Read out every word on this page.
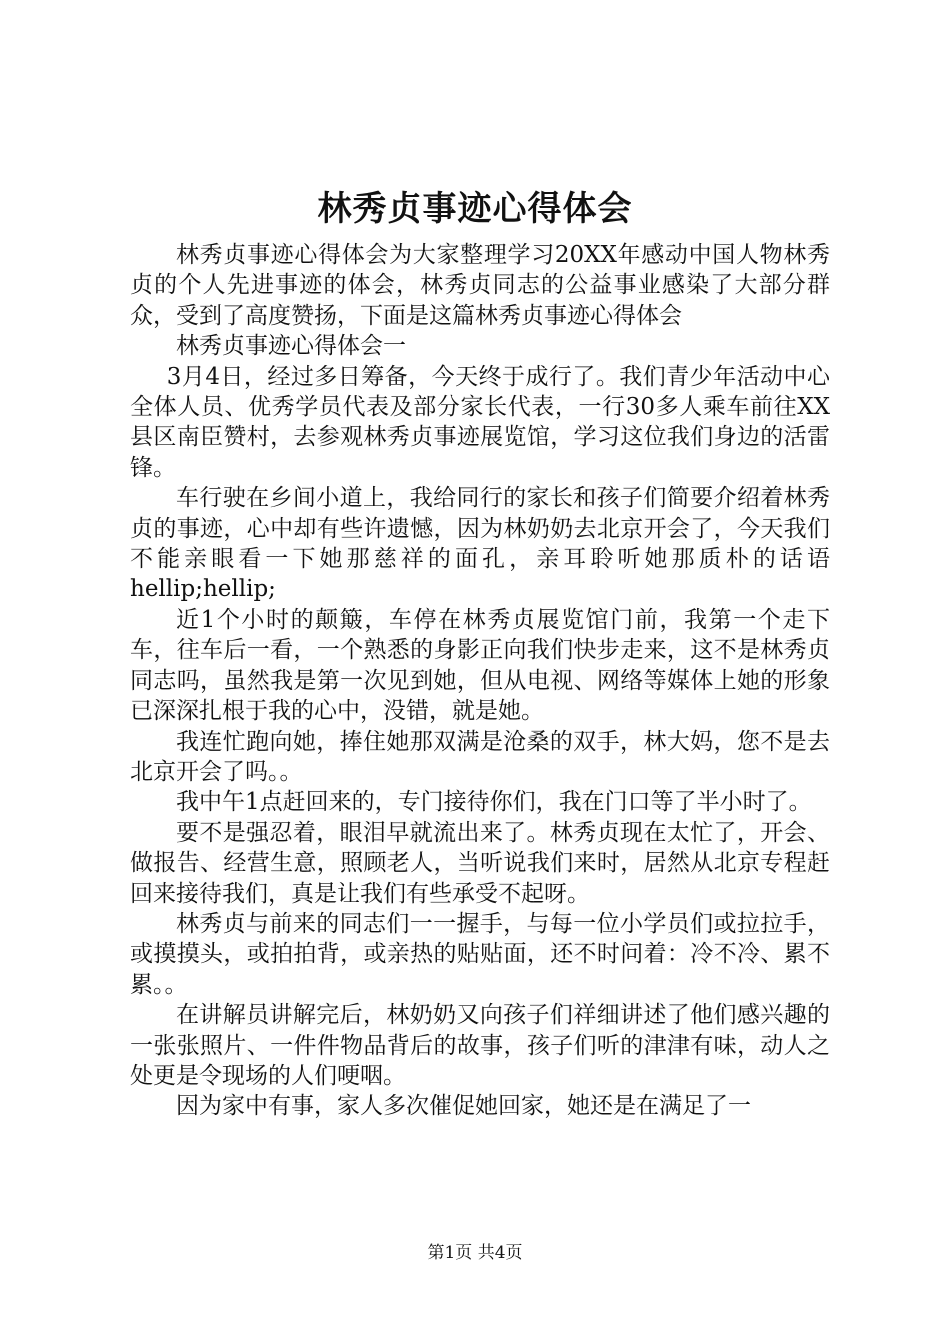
林秀贞事迹心得体会

林秀贞事迹心得体会为大家整理学习20XX年感动中国人物林秀贞的个人先进事迹的体会，林秀贞同志的公益事业感染了大部分群众，受到了高度赞扬，下面是这篇林秀贞事迹心得体会

林秀贞事迹心得体会一

3月4日，经过多日筹备，今天终于成行了。我们青少年活动中心全体人员、优秀学员代表及部分家长代表，一行30多人乘车前往XX县区南臣赞村，去参观林秀贞事迹展览馆，学习这位我们身边的活雷锋。

车行驶在乡间小道上，我给同行的家长和孩子们简要介绍着林秀贞的事迹，心中却有些许遗憾，因为林奶奶去北京开会了，今天我们不能亲眼看一下她那慈祥的面孔，亲耳聆听她那质朴的话语hellip;hellip;

近1个小时的颠簸，车停在林秀贞展览馆门前，我第一个走下车，往车后一看，一个熟悉的身影正向我们快步走来，这不是林秀贞同志吗，虽然我是第一次见到她，但从电视、网络等媒体上她的形象已深深扎根于我的心中，没错，就是她。

我连忙跑向她，捧住她那双满是沧桑的双手，林大妈，您不是去北京开会了吗。。

我中午1点赶回来的，专门接待你们，我在门口等了半小时了。

要不是强忍着，眼泪早就流出来了。林秀贞现在太忙了，开会、做报告、经营生意，照顾老人，当听说我们来时，居然从北京专程赶回来接待我们，真是让我们有些承受不起呀。

林秀贞与前来的同志们一一握手，与每一位小学员们或拉拉手，或摸摸头，或拍拍背，或亲热的贴贴面，还不时问着：冷不冷、累不累。。

在讲解员讲解完后，林奶奶又向孩子们祥细讲述了他们感兴趣的一张张照片、一件件物品背后的故事，孩子们听的津津有味，动人之处更是令现场的人们哽咽。

因为家中有事，家人多次催促她回家，她还是在满足了一

第1页 共4页
